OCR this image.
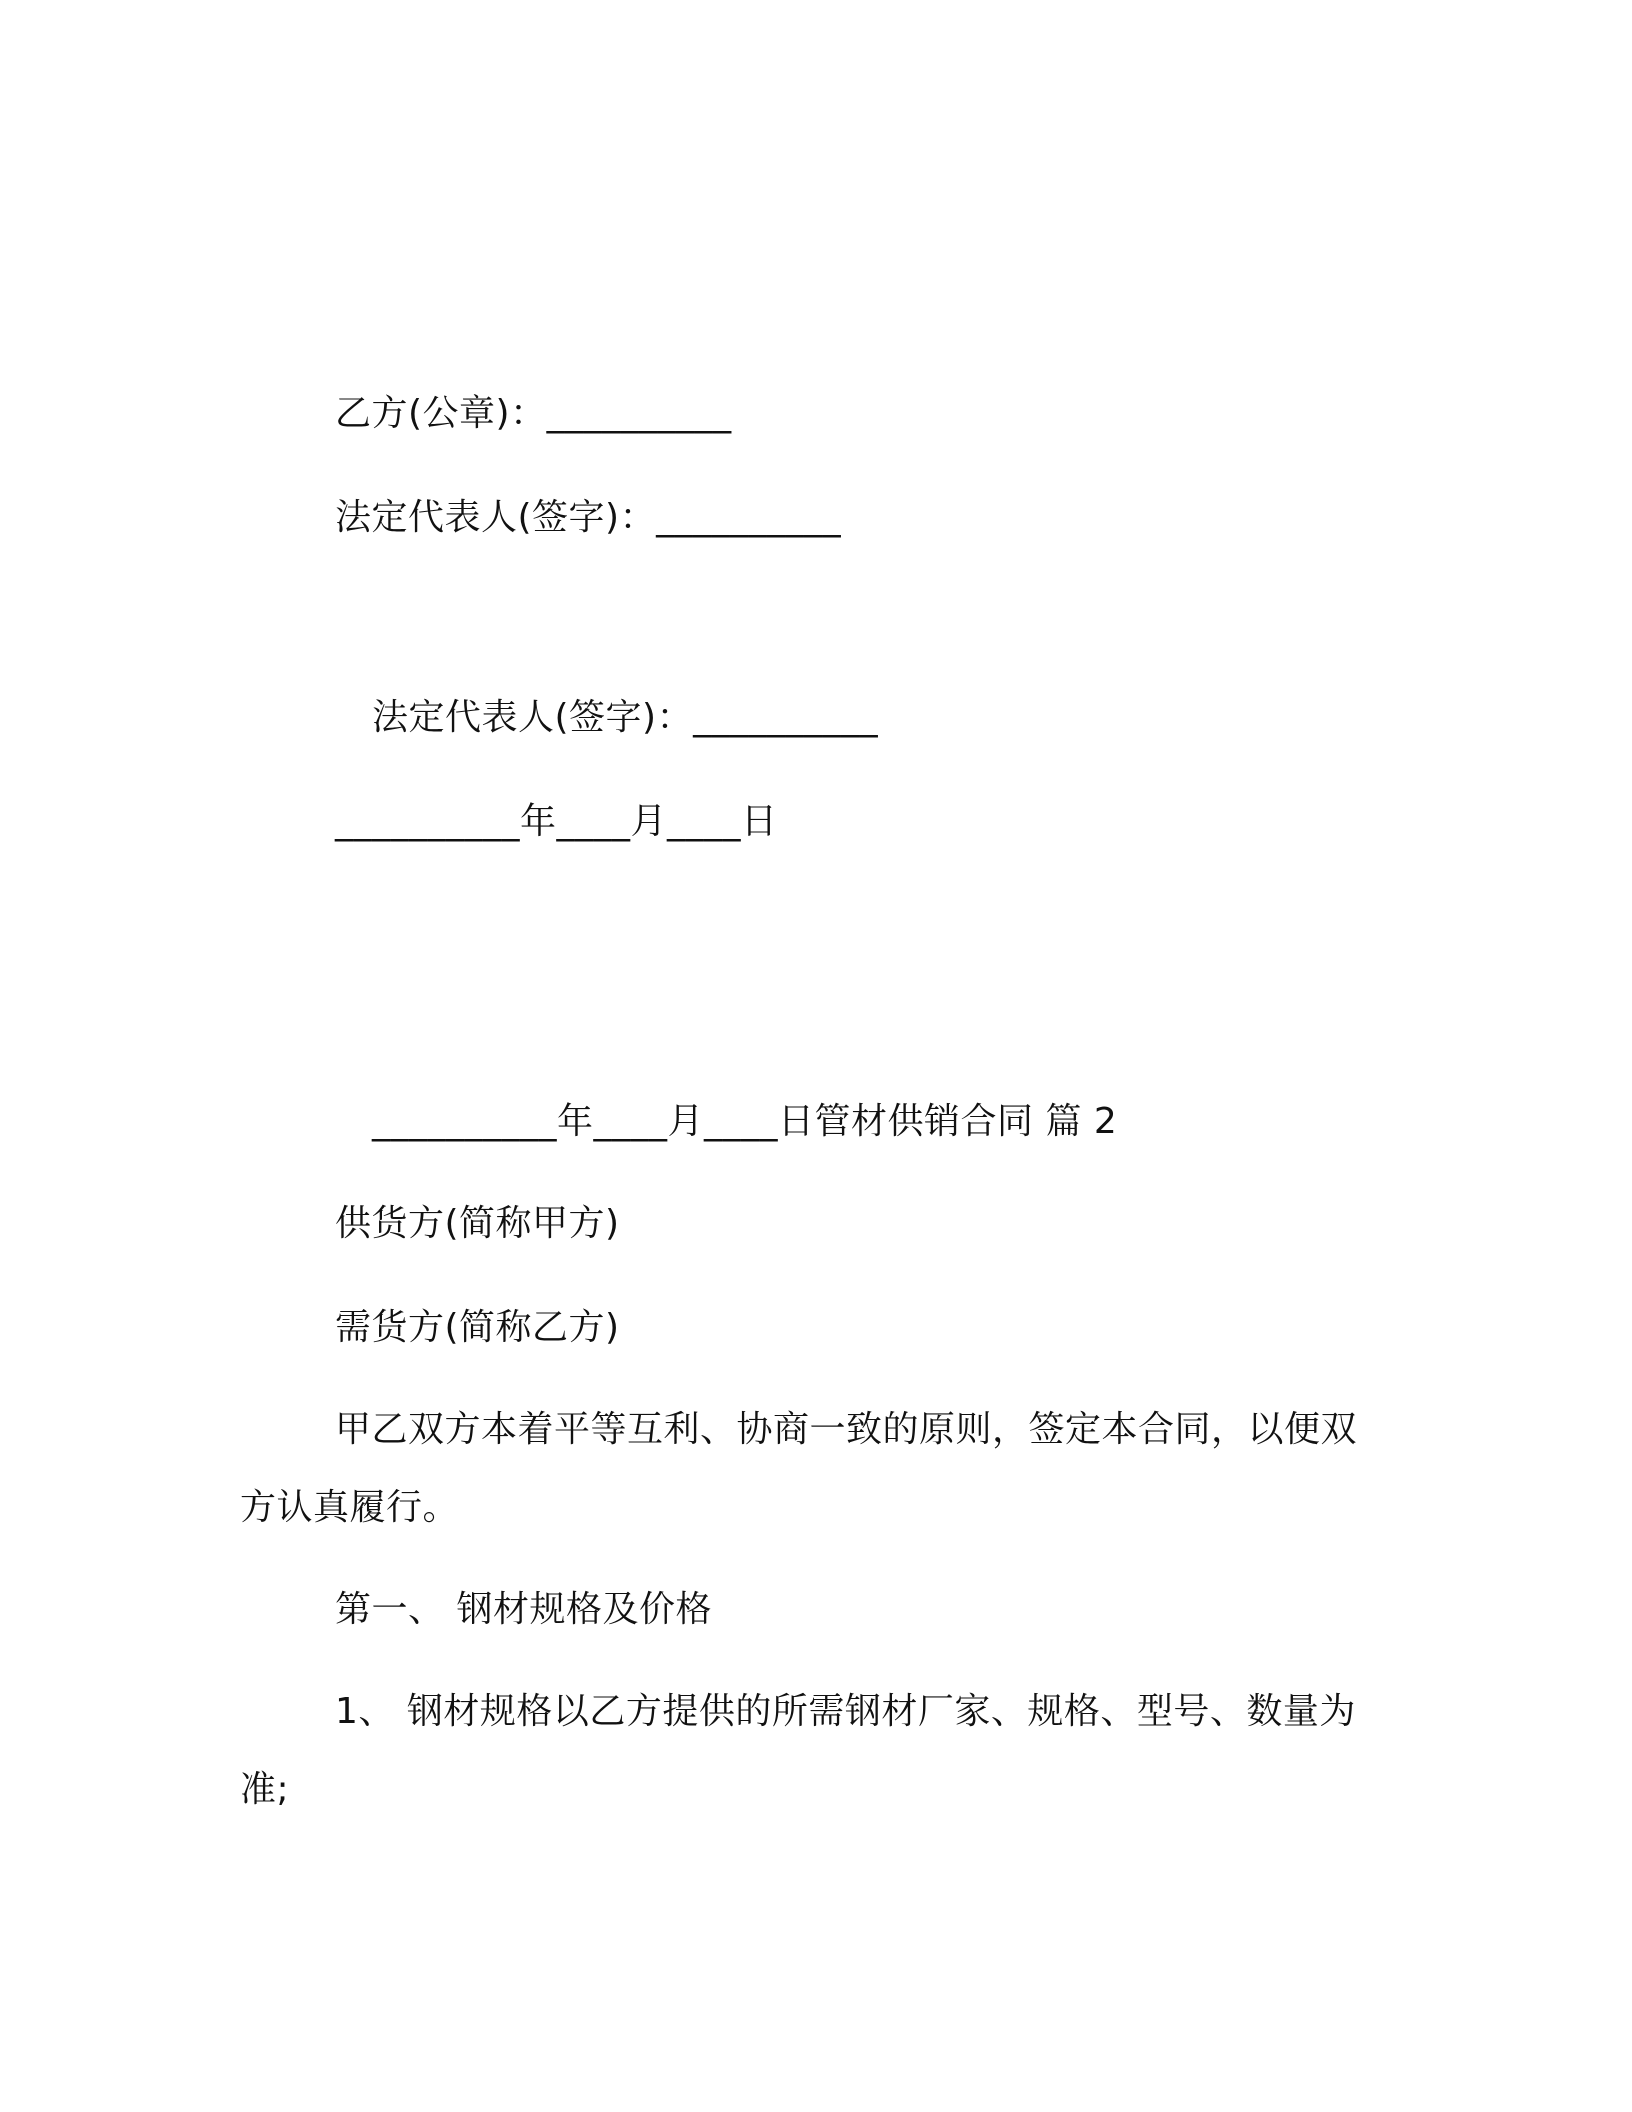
乙方(公章)：__________
法定代表人(签字)：__________
法定代表人(签字)：__________
__________年____月____日
__________年____月____日管材供销合同 篇 2
供货方(简称甲方)
需货方(简称乙方)
甲乙双方本着平等互利、协商一致的原则，签定本合同，以便双
方认真履行。
第一、 钢材规格及价格
1、 钢材规格以乙方提供的所需钢材厂家、规格、型号、数量为
准;
